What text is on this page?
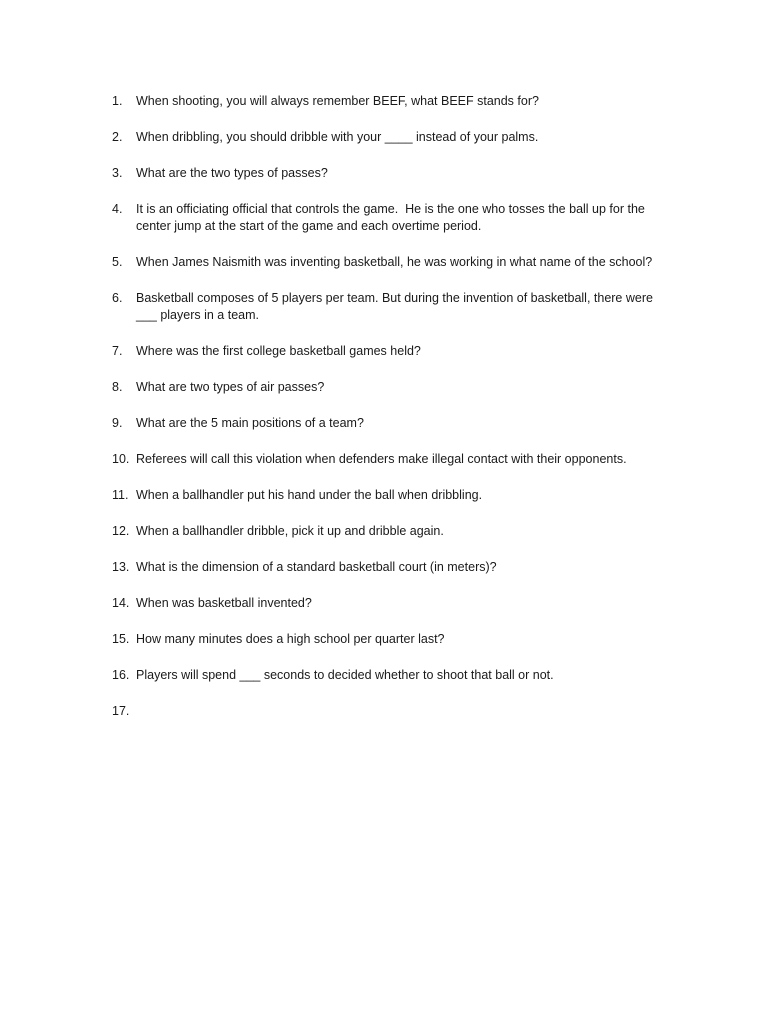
1.	When shooting, you will always remember BEEF, what BEEF stands for?
2.	When dribbling, you should dribble with your ____ instead of your palms.
3.	What are the two types of passes?
4.	It is an officiating official that controls the game.  He is the one who tosses the ball up for the center jump at the start of the game and each overtime period.
5.	When James Naismith was inventing basketball, he was working in what name of the school?
6.	Basketball composes of 5 players per team. But during the invention of basketball, there were ___ players in a team.
7.	Where was the first college basketball games held?
8.	What are two types of air passes?
9.	What are the 5 main positions of a team?
10. Referees will call this violation when defenders make illegal contact with their opponents.
11. When a ballhandler put his hand under the ball when dribbling.
12. When a ballhandler dribble, pick it up and dribble again.
13. What is the dimension of a standard basketball court (in meters)?
14. When was basketball invented?
15. How many minutes does a high school per quarter last?
16. Players will spend ___ seconds to decided whether to shoot that ball or not.
17.
